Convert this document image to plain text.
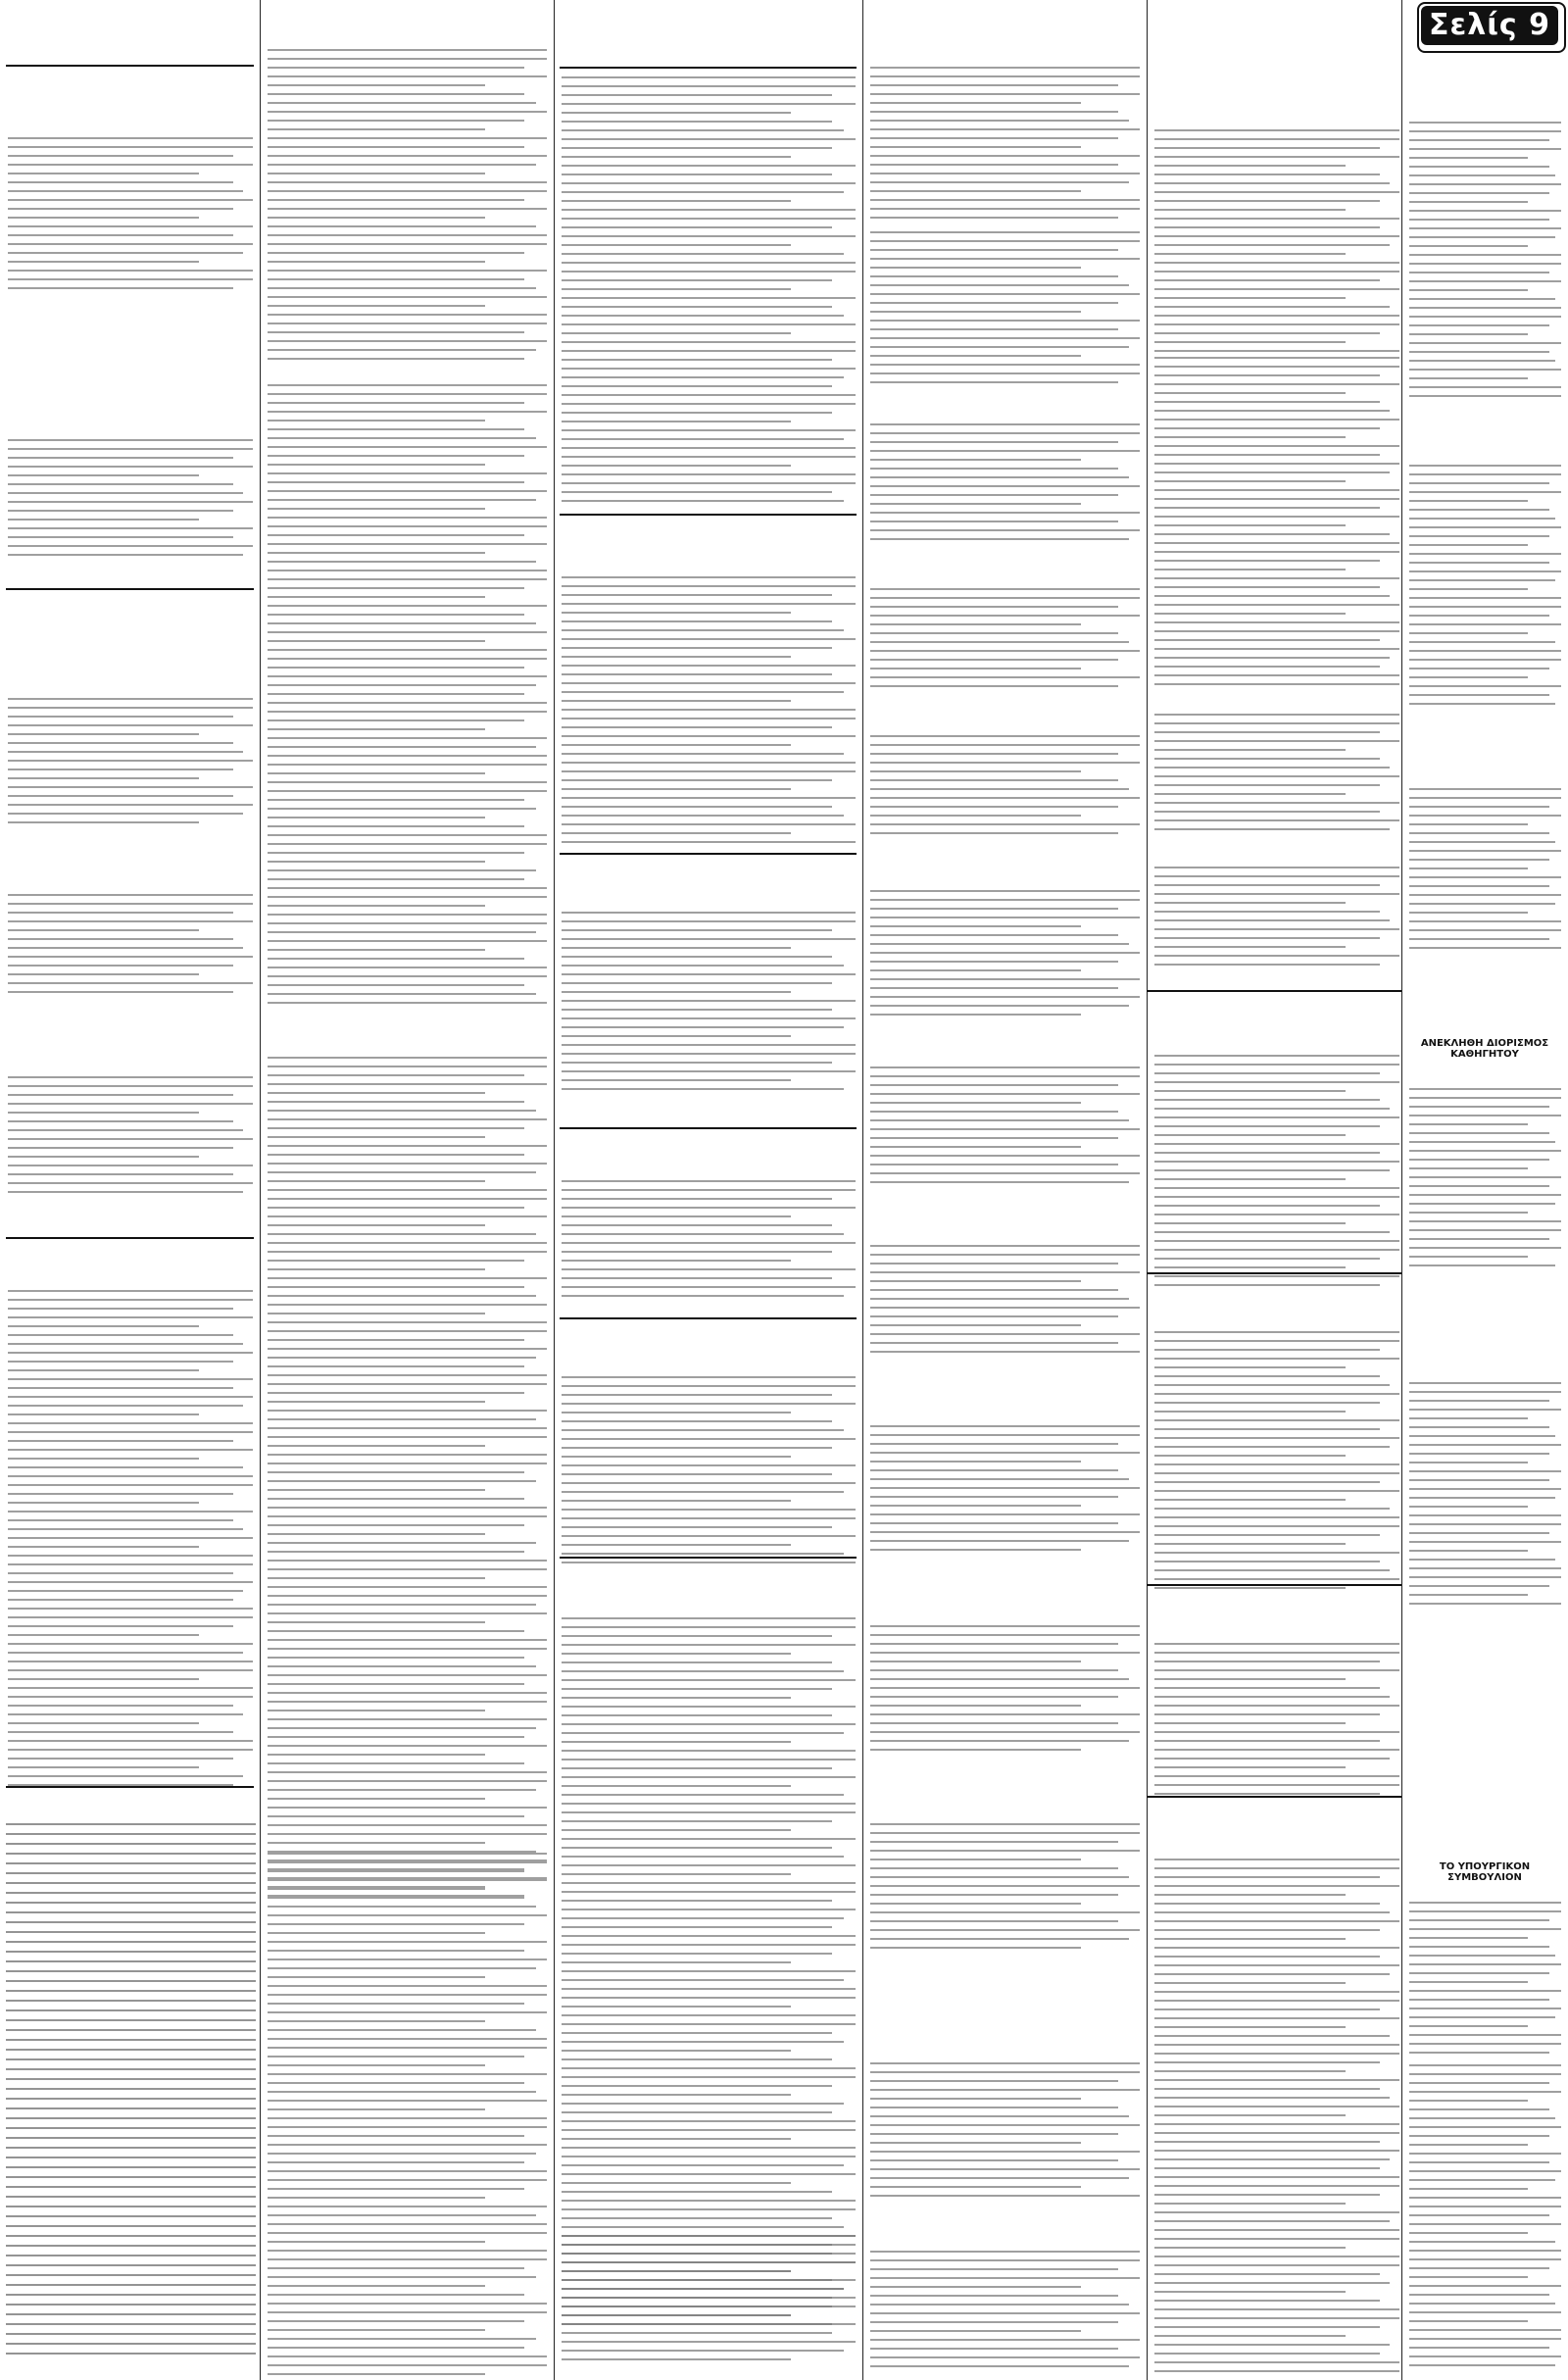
Σελίς 9
ΑΝΕΚΛΗΘΗ ΔΙΟΡΙΣΜΟΣ ΚΑΘΗΓΗΤΟΥ
ΤΟ ΥΠΟΥΡΓΙΚΟΝ ΣΥΜΒΟΥΛΙΟΝ
